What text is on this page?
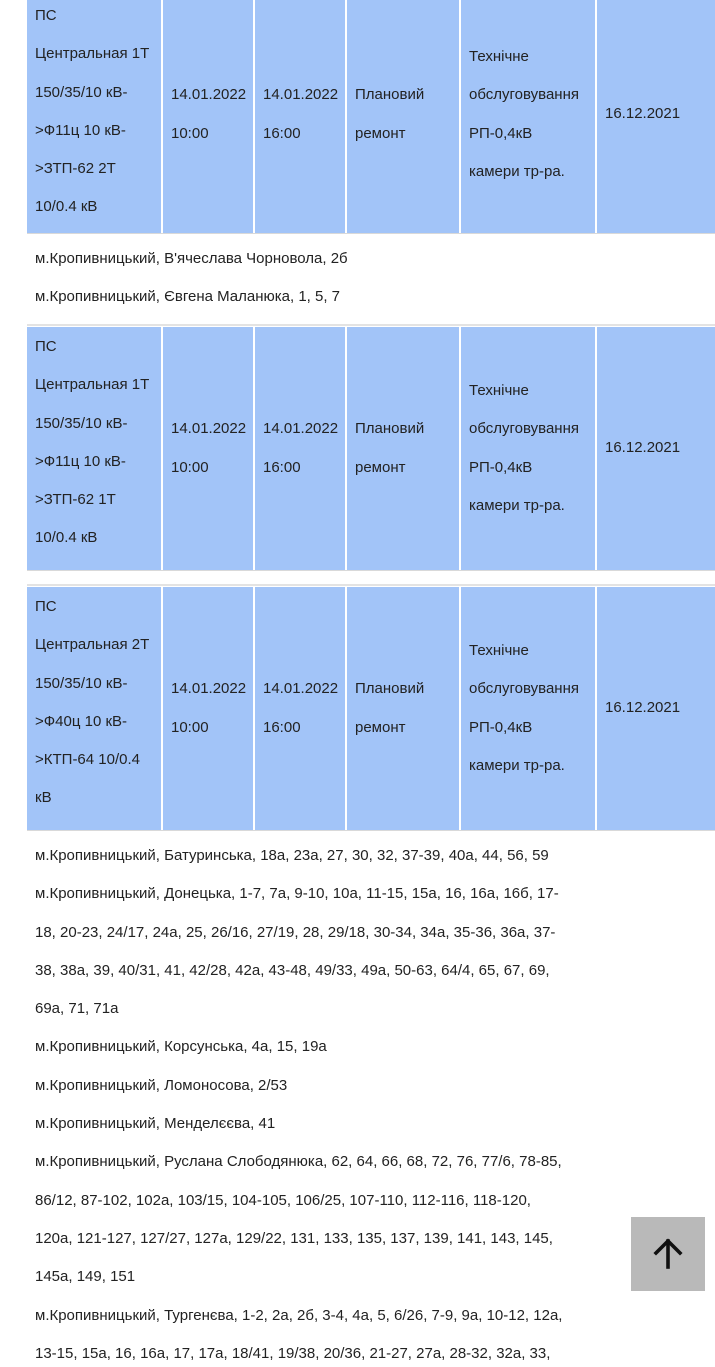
ПС
Центральная 1Т
150/35/10 кВ-
>Ф11ц 10 кВ-
>ЗТП-62 2Т
10/0.4 кВ
14.01.2022
10:00
14.01.2022
16:00
Плановий
ремонт
Технічне
обслуговування
РП-0,4кВ
камери тр-ра.
16.12.2021
м.Кропивницький, В'ячеслава Чорновола, 2б
м.Кропивницький, Євгена Маланюка, 1, 5, 7
ПС
Центральная 1Т
150/35/10 кВ-
>Ф11ц 10 кВ-
>ЗТП-62 1Т
10/0.4 кВ
14.01.2022
10:00
14.01.2022
16:00
Плановий
ремонт
Технічне
обслуговування
РП-0,4кВ
камери тр-ра.
16.12.2021
ПС
Центральная 2Т
150/35/10 кВ-
>Ф40ц 10 кВ-
>КТП-64 10/0.4
кВ
14.01.2022
10:00
14.01.2022
16:00
Плановий
ремонт
Технічне
обслуговування
РП-0,4кВ
камери тр-ра.
16.12.2021
м.Кропивницький, Батуринська, 18а, 23а, 27, 30, 32, 37-39, 40а, 44, 56, 59
м.Кропивницький, Донецька, 1-7, 7а, 9-10, 10а, 11-15, 15а, 16, 16а, 16б, 17-
18, 20-23, 24/17, 24а, 25, 26/16, 27/19, 28, 29/18, 30-34, 34а, 35-36, 36а, 37-
38, 38а, 39, 40/31, 41, 42/28, 42а, 43-48, 49/33, 49а, 50-63, 64/4, 65, 67, 69,
69а, 71, 71а
м.Кропивницький, Корсунська, 4а, 15, 19а
м.Кропивницький, Ломоносова, 2/53
м.Кропивницький, Менделєєва, 41
м.Кропивницький, Руслана Слободянюка, 62, 64, 66, 68, 72, 76, 77/6, 78-85,
86/12, 87-102, 102а, 103/15, 104-105, 106/25, 107-110, 112-116, 118-120,
120а, 121-127, 127/27, 127а, 129/22, 131, 133, 135, 137, 139, 141, 143, 145,
145а, 149, 151
м.Кропивницький, Тургенєва, 1-2, 2а, 2б, 3-4, 4а, 5, 6/26, 7-9, 9а, 10-12, 12а,
13-15, 15а, 16, 16а, 17, 17а, 18/41, 19/38, 20/36, 21-27, 27а, 28-32, 32а, 33,
